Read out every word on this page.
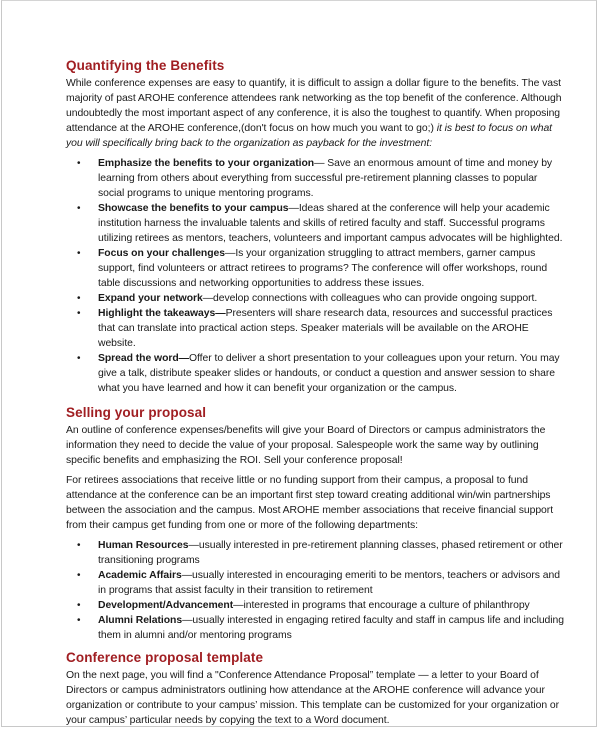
Quantifying the Benefits

While conference expenses are easy to quantify, it is difficult to assign a dollar figure to the benefits. The vast majority of past AROHE conference attendees rank networking as the top benefit of the conference. Although undoubtedly the most important aspect of any conference, it is also the toughest to quantify. When proposing attendance at the AROHE conference,(don't focus on how much you want to go;) it is best to focus on what you will specifically bring back to the organization as payback for the investment:

• Emphasize the benefits to your organization— Save an enormous amount of time and money by learning from others about everything from successful pre-retirement planning classes to popular social programs to unique mentoring programs.
• Showcase the benefits to your campus—Ideas shared at the conference will help your academic institution harness the invaluable talents and skills of retired faculty and staff. Successful programs utilizing retirees as mentors, teachers, volunteers and important campus advocates will be highlighted.
• Focus on your challenges—Is your organization struggling to attract members, garner campus support, find volunteers or attract retirees to programs? The conference will offer workshops, round table discussions and networking opportunities to address these issues.
• Expand your network—develop connections with colleagues who can provide ongoing support.
• Highlight the takeaways—Presenters will share research data, resources and successful practices that can translate into practical action steps. Speaker materials will be available on the AROHE website.
• Spread the word—Offer to deliver a short presentation to your colleagues upon your return. You may give a talk, distribute speaker slides or handouts, or conduct a question and answer session to share what you have learned and how it can benefit your organization or the campus.
Selling your proposal

An outline of conference expenses/benefits will give your Board of Directors or campus administrators the information they need to decide the value of your proposal. Salespeople work the same way by outlining specific benefits and emphasizing the ROI. Sell your conference proposal!

For retirees associations that receive little or no funding support from their campus, a proposal to fund attendance at the conference can be an important first step toward creating additional win/win partnerships between the association and the campus. Most AROHE member associations that receive financial support from their campus get funding from one or more of the following departments:

• Human Resources—usually interested in pre-retirement planning classes, phased retirement or other transitioning programs
• Academic Affairs—usually interested in encouraging emeriti to be mentors, teachers or advisors and in programs that assist faculty in their transition to retirement
• Development/Advancement—interested in programs that encourage a culture of philanthropy
• Alumni Relations—usually interested in engaging retired faculty and staff in campus life and including them in alumni and/or mentoring programs
Conference proposal template

On the next page, you will find a "Conference Attendance Proposal” template — a letter to your Board of Directors or campus administrators outlining how attendance at the AROHE conference will advance your organization or contribute to your campus’ mission. This template can be customized for your organization or your campus’ particular needs by copying the text to a Word document.
